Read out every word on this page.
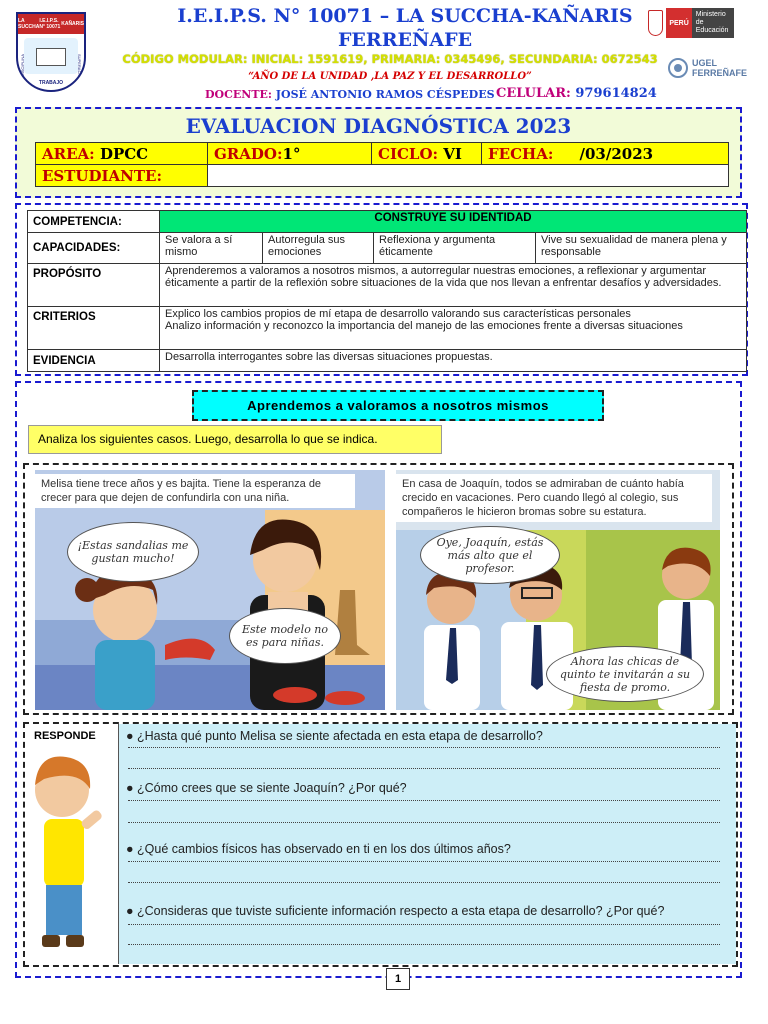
LA SUCCHA
I.E.I.P.S. N° 10071 KAÑARIS
DISCIPLINA	SUPERACIÓN
TRABAJO
I.E.I.P.S. N° 10071 – LA SUCCHA-KAÑARIS
FERREÑAFE
CÓDIGO MODULAR: INICIAL: 1591619, PRIMARIA: 0345496, SECUNDARIA: 0672543
“AÑO DE LA UNIDAD ,LA PAZ Y EL DESARROLLO”
DOCENTE: JOSÉ ANTONIO RAMOS CÉSPEDES CELULAR: 979614824
PERÚ
Ministerio de Educación
UGEL
FERREÑAFE
EVALUACION DIAGNÓSTICA 2023
AREA: DPCC	GRADO:1°	CICLO: VI	FECHA: /03/2023
ESTUDIANTE:			
COMPETENCIA:	CONSTRUYE SU IDENTIDAD			
CAPACIDADES:	Se valora a sí mismo	Autorregula sus emociones	Reflexiona y argumenta éticamente	Vive su sexualidad de manera plena y responsable
PROPÓSITO	Aprenderemos a valoramos a nosotros mismos, a autorregular nuestras emociones, a reflexionar y argumentar éticamente a partir de la reflexión sobre situaciones de la vida que nos llevan a enfrentar desafíos y adversidades.			
CRITERIOS	Explico los cambios propios de mí etapa de desarrollo valorando sus características personales
Analizo información y reconozco la importancia del manejo de las emociones frente a diversas situaciones			

EVIDENCIA	Desarrolla interrogantes sobre las diversas situaciones propuestas.			
Aprendemos a valoramos a nosotros mismos
Analiza los siguientes casos. Luego, desarrolla lo que se indica.
Melisa tiene trece años y es bajita. Tiene la esperanza de crecer para que dejen de confundirla con una niña.
¡Estas sandalias me gustan mucho!
Este modelo no es para niñas.
En casa de Joaquín, todos se admiraban de cuánto había crecido en vacaciones. Pero cuando llegó al colegio, sus compañeros le hicieron bromas sobre su estatura.
Oye, Joaquín, estás más alto que el profesor.
Ahora las chicas de quinto te invitarán a su fiesta de promo.
RESPONDE ● ¿Hasta qué punto Melisa se siente afectada en esta etapa de desarrollo?
● ¿Cómo crees que se siente Joaquín? ¿Por qué?
● ¿Qué cambios físicos has observado en ti en los dos últimos años?
● ¿Consideras que tuviste suficiente información respecto a esta etapa de desarrollo? ¿Por qué?
1
